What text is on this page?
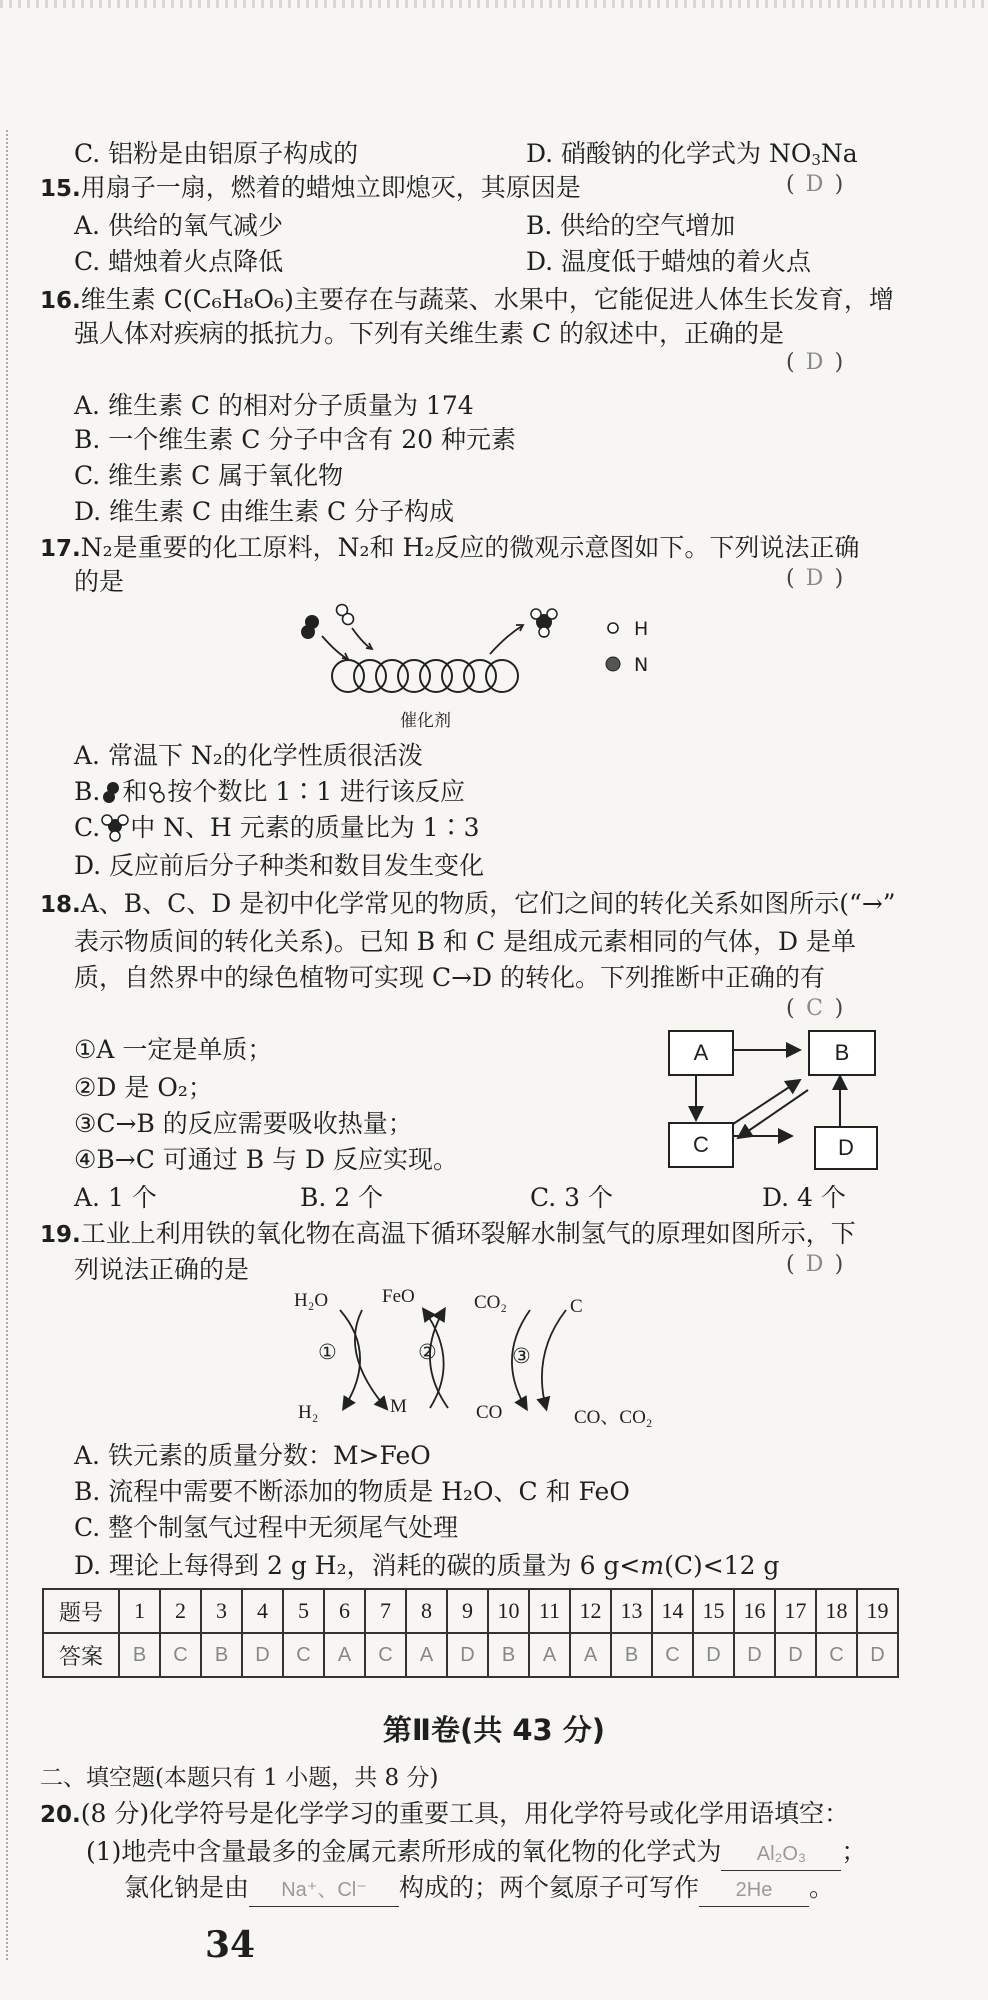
C. 铝粉是由铝原子构成的	D. 硝酸钠的化学式为 $NO_3Na$
15.用扇子一扇，燃着的蜡烛立即熄灭，其原因是	( D )
A. 供给的氧气减少	B. 供给的空气增加
C. 蜡烛着火点降低	D. 温度低于蜡烛的着火点
16.维生素 C(C₆H₈O₆)主要存在与蔬菜、水果中，它能促进人体生长发育，增
强人体对疾病的抵抗力。下列有关维生素 C 的叙述中，正确的是
( D )
A. 维生素 C 的相对分子质量为 174
B. 一个维生素 C 分子中含有 20 种元素
C. 维生素 C 属于氧化物
D. 维生素 C 由维生素 C 分子构成
17.N₂是重要的化工原料，N₂和 H₂反应的微观示意图如下。下列说法正确
的是	( D )
H
N
催化剂
A. 常温下 N₂的化学性质很活泼
B. 和 按个数比 1∶1 进行该反应
C. 中 N、H 元素的质量比为 1∶3
D. 反应前后分子种类和数目发生变化
18.A、B、C、D 是初中化学常见的物质，它们之间的转化关系如图所示(“→”
表示物质间的转化关系)。已知 B 和 C 是组成元素相同的气体，D 是单
质，自然界中的绿色植物可实现 C→D 的转化。下列推断中正确的有
( C )
①A 一定是单质；
②D 是 O₂；
③C→B 的反应需要吸收热量；
④B→C 可通过 B 与 D 反应实现。
A	B
C	D
A. 1 个	B. 2 个	C. 3 个	D. 4 个
19.工业上利用铁的氧化物在高温下循环裂解水制氢气的原理如图所示，下
列说法正确的是	( D )
H₂O	FeO	CO₂	C
①	②	③
H₂	M	CO	CO、CO₂
A. 铁元素的质量分数：M>FeO
B. 流程中需要不断添加的物质是 H₂O、C 和 FeO
C. 整个制氢气过程中无须尾气处理
D. 理论上每得到 2 g H₂，消耗的碳的质量为 6 g<m(C)<12 g
题号	1	2	3	4	5	6	7	8	9	10	11	12	13	14	15	16	17	18	19
答案	B	C	B	D	C	A	C	A	D	B	A	A	B	C	D	D	D	C	D
第Ⅱ卷(共 43 分)
二、填空题(本题只有 1 小题，共 8 分)
20.(8 分)化学符号是化学学习的重要工具，用化学符号或化学用语填空：
(1)地壳中含量最多的金属元素所形成的氧化物的化学式为 Al₂O₃ ；
氯化钠是由 Na⁺、Cl⁻ 构成的；两个氦原子可写作 2He 。
34
